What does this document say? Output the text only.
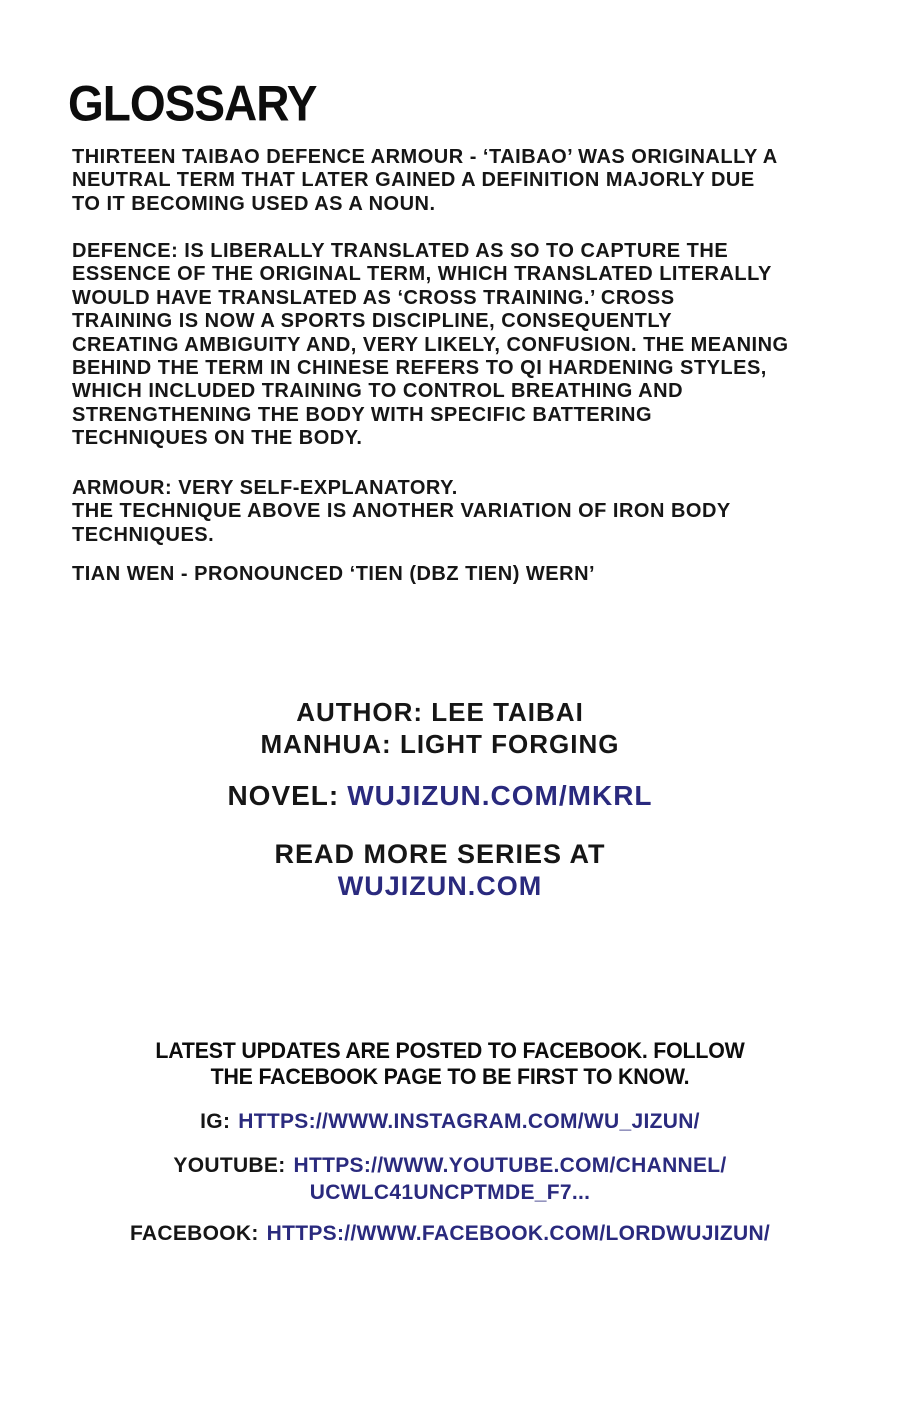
GLOSSARY
THIRTEEN TAIBAO DEFENCE ARMOUR - ‘TAIBAO’ WAS ORIGINALLY A
NEUTRAL TERM THAT LATER GAINED A DEFINITION MAJORLY DUE
TO IT BECOMING USED AS A NOUN.
DEFENCE: IS LIBERALLY TRANSLATED AS SO TO CAPTURE THE
ESSENCE OF THE ORIGINAL TERM, WHICH TRANSLATED LITERALLY
WOULD HAVE TRANSLATED AS ‘CROSS TRAINING.’ CROSS
TRAINING IS NOW A SPORTS DISCIPLINE, CONSEQUENTLY
CREATING AMBIGUITY AND, VERY LIKELY, CONFUSION. THE MEANING
BEHIND THE TERM IN CHINESE REFERS TO QI HARDENING STYLES,
WHICH INCLUDED TRAINING TO CONTROL BREATHING AND
STRENGTHENING THE BODY WITH SPECIFIC BATTERING
TECHNIQUES ON THE BODY.
ARMOUR: VERY SELF-EXPLANATORY.
THE TECHNIQUE ABOVE IS ANOTHER VARIATION OF IRON BODY
TECHNIQUES.
TIAN WEN - PRONOUNCED ‘TIEN (DBZ TIEN) WERN’
AUTHOR: LEE TAIBAI
MANHUA: LIGHT FORGING
NOVEL: WUJIZUN.COM/MKRL
READ MORE SERIES AT
WUJIZUN.COM
LATEST UPDATES ARE POSTED TO FACEBOOK. FOLLOW
THE FACEBOOK PAGE TO BE FIRST TO KNOW.
IG: HTTPS://WWW.INSTAGRAM.COM/WU_JIZUN/
YOUTUBE: HTTPS://WWW.YOUTUBE.COM/CHANNEL/
UCWLC41UNCPTMDE_F7...
FACEBOOK: HTTPS://WWW.FACEBOOK.COM/LORDWUJIZUN/
